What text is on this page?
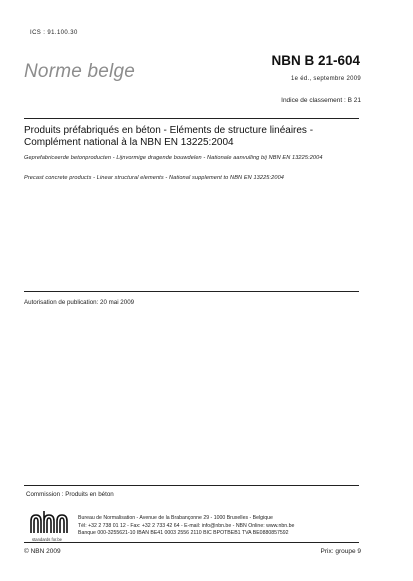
ICS : 91.100.30
Norme belge
NBN B 21-604
1e éd., septembre 2009
Indice de classement : B 21
Produits préfabriqués en béton - Eléments de structure linéaires - Complément national à la NBN EN 13225:2004
Geprefabriceerde betonproducten - Lijnvormige dragende bouwdelen - Nationale aanvulling bij NBN EN 13225:2004
Precast concrete products - Linear structural elements - National supplement to NBN EN 13225:2004
Autorisation de publication: 20 mai 2009
Commission : Produits en béton
standards for.be
Bureau de Normalisation - Avenue de la Brabançonne 29 - 1000 Bruxelles - Belgique
Tél: +32 2 738 01 12 - Fax: +32 2 733 42 64 - E-mail: info@nbn.be - NBN Online: www.nbn.be
Banque 000-3255621-10 IBAN BE41 0003 2556 2110 BIC BPOTBEB1 TVA BE0880857592
© NBN 2009	Prix: groupe 9
